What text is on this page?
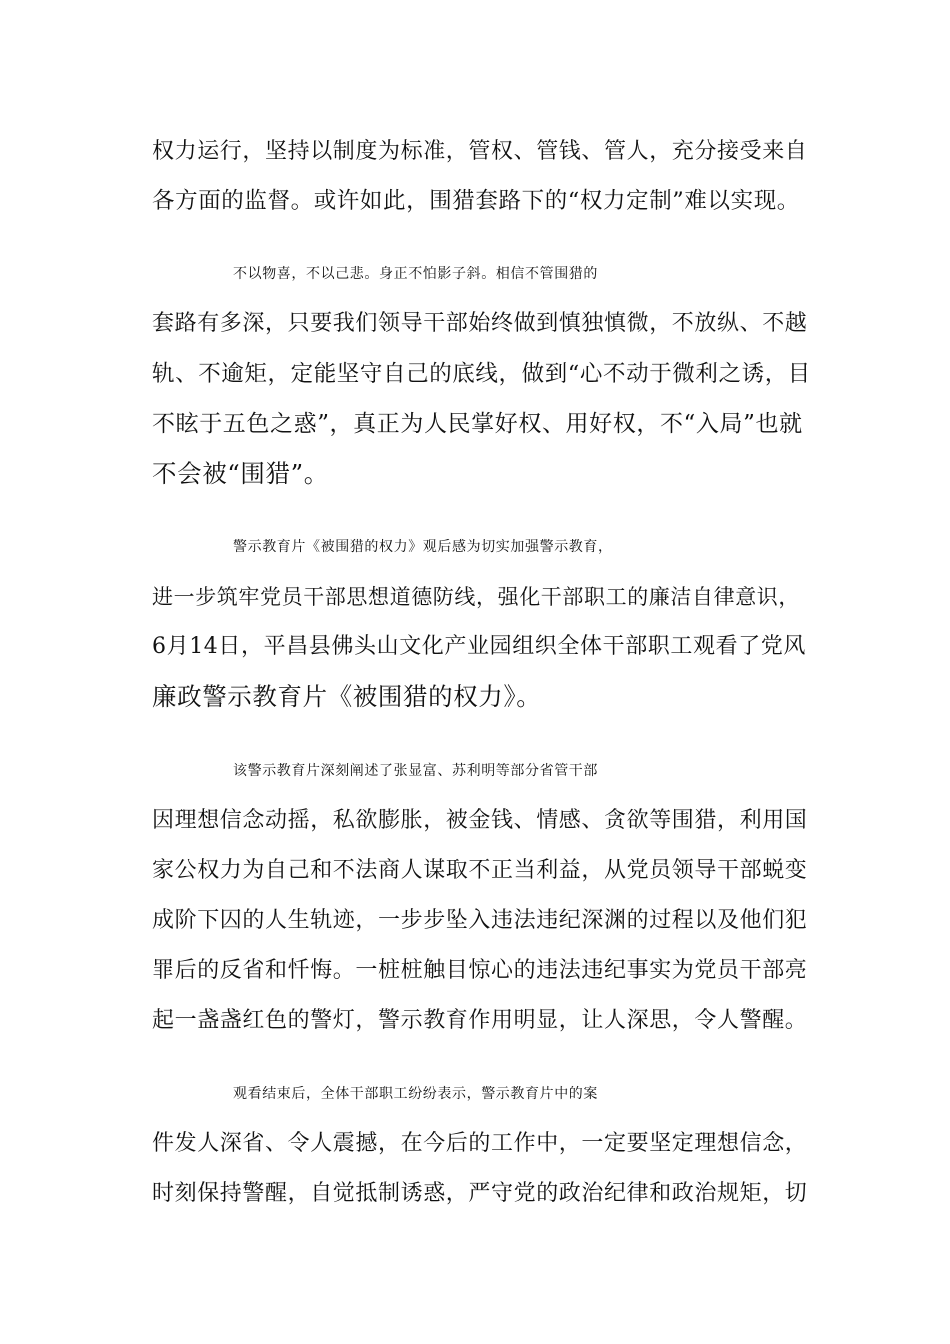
权力运行，坚持以制度为标准，管权、管钱、管人，充分接受来自
各方面的监督。或许如此，围猎套路下的“权力定制”难以实现。
不以物喜，不以己悲。身正不怕影子斜。相信不管围猎的
套路有多深，只要我们领导干部始终做到慎独慎微，不放纵、不越
轨、不逾矩，定能坚守自己的底线，做到“心不动于微利之诱，目
不眩于五色之惑”，真正为人民掌好权、用好权，不“入局”也就
不会被“围猎”。
警示教育片《被围猎的权力》观后感为切实加强警示教育，
进一步筑牢党员干部思想道德防线，强化干部职工的廉洁自律意识，
6月14日，平昌县佛头山文化产业园组织全体干部职工观看了党风
廉政警示教育片《被围猎的权力》。
该警示教育片深刻阐述了张显富、苏利明等部分省管干部
因理想信念动摇，私欲膨胀，被金钱、情感、贪欲等围猎，利用国
家公权力为自己和不法商人谋取不正当利益，从党员领导干部蜕变
成阶下囚的人生轨迹，一步步坠入违法违纪深渊的过程以及他们犯
罪后的反省和忏悔。一桩桩触目惊心的违法违纪事实为党员干部亮
起一盏盏红色的警灯，警示教育作用明显，让人深思，令人警醒。
观看结束后，全体干部职工纷纷表示，警示教育片中的案
件发人深省、令人震撼，在今后的工作中，一定要坚定理想信念，
时刻保持警醒，自觉抵制诱惑，严守党的政治纪律和政治规矩，切
